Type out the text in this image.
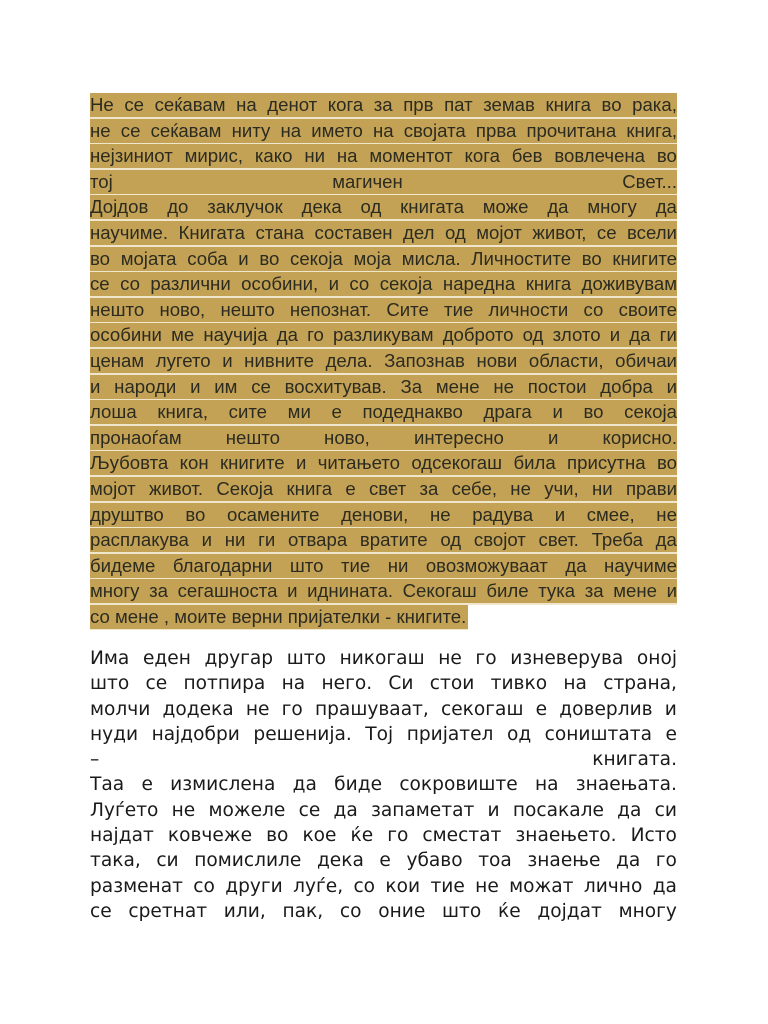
Не се сеќавам на денот кога за прв пат земав книга во рака,
не се сеќавам ниту на името на својата прва прочитана книга,
нејзиниот мирис, како ни на моментот кога бев вовлечена во
тој	магичен	Свет...
Дојдов до заклучок дека од книгата може да многу да
научиме. Книгата стана составен дел од мојот живот, се всели
во мојата соба и во секоја моја мисла. Личностите во книгите
се со различни особини, и со секоја наредна книга доживувам
нешто ново, нешто непознат. Сите тие личности со своите
особини ме научија да го разликувам доброто од злото и да ги
ценам лугето и нивните дела. Запознав нови области, обичаи
и народи и им се восхитував. За мене не постои добра и
лоша книга, сите ми е подеднакво драга и во секоја
пронаоѓам нешто ново, интересно и корисно.
Љубовта кон книгите и читањето одсекогаш била присутна во
мојот живот. Секоја книга е свет за себе, не учи, ни прави
друштво во осамените денови, не радува и смее, не
расплакува и ни ги отвара вратите од својот свет. Треба да
бидеме благодарни што тие ни овозможуваат да научиме
многу за сегашноста и иднината. Секогаш биле тука за мене и
со мене , моите верни пријателки - книгите.
Има еден другар што никогаш не го изневерува оној
што се потпира на него. Си стои тивко на страна,
молчи додека не го прашуваат, секогаш е доверлив и
нуди најдобри решенија. Тој пријател од соништата е
–	книгата.
Таа е измислена да биде сокровиште на знаењата.
Луѓето не можеле се да запаметат и посакале да си
најдат ковчеже во кое ќе го сместат знаењето. Исто
така, си помислиле дека е убаво тоа знаење да го
разменат со други луѓе, со кои тие не можат лично да
се сретнат или, пак, со оние што ќе дојдат многу
